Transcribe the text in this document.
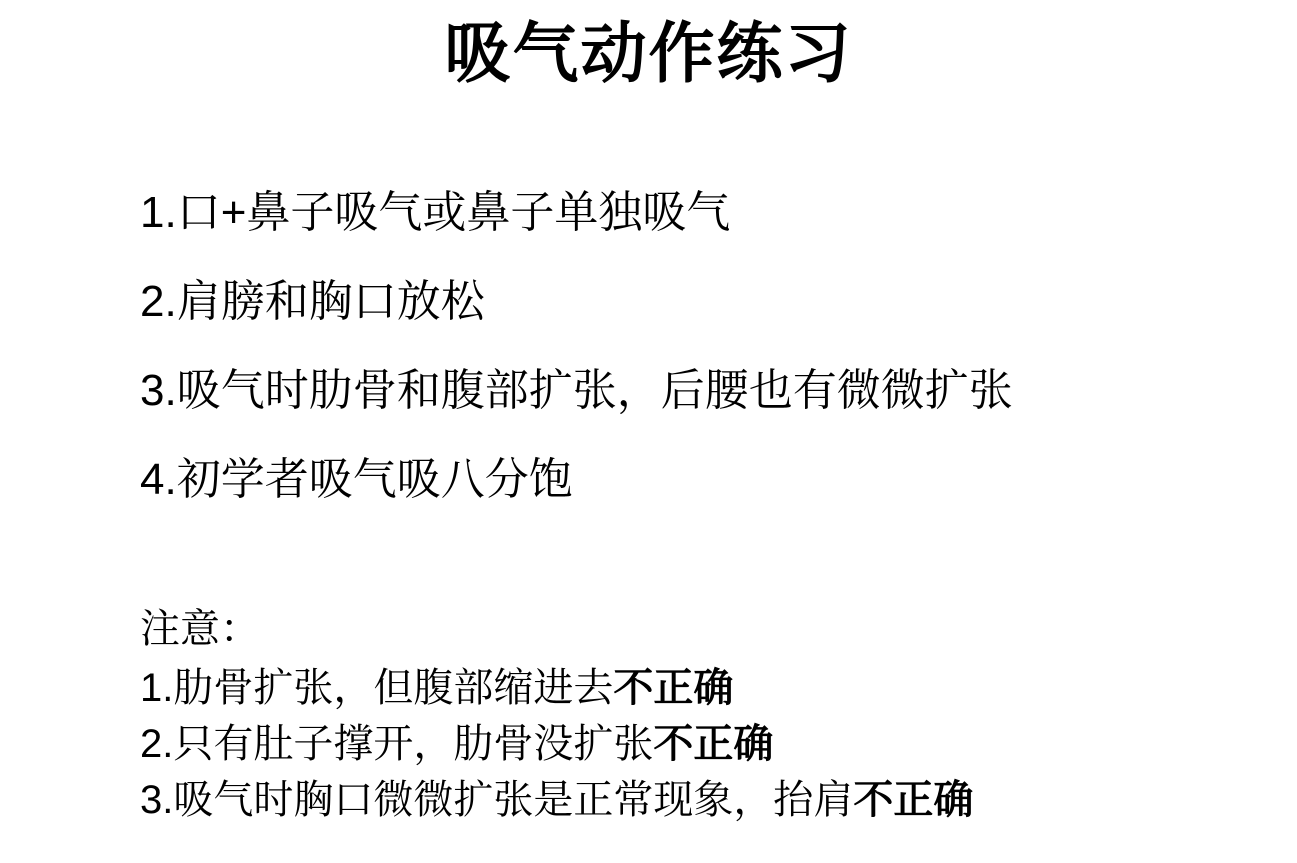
吸气动作练习
1.口+鼻子吸气或鼻子单独吸气
2.肩膀和胸口放松
3.吸气时肋骨和腹部扩张，后腰也有微微扩张
4.初学者吸气吸八分饱
注意：
1.肋骨扩张，但腹部缩进去不正确
2.只有肚子撑开，肋骨没扩张不正确
3.吸气时胸口微微扩张是正常现象，抬肩不正确
